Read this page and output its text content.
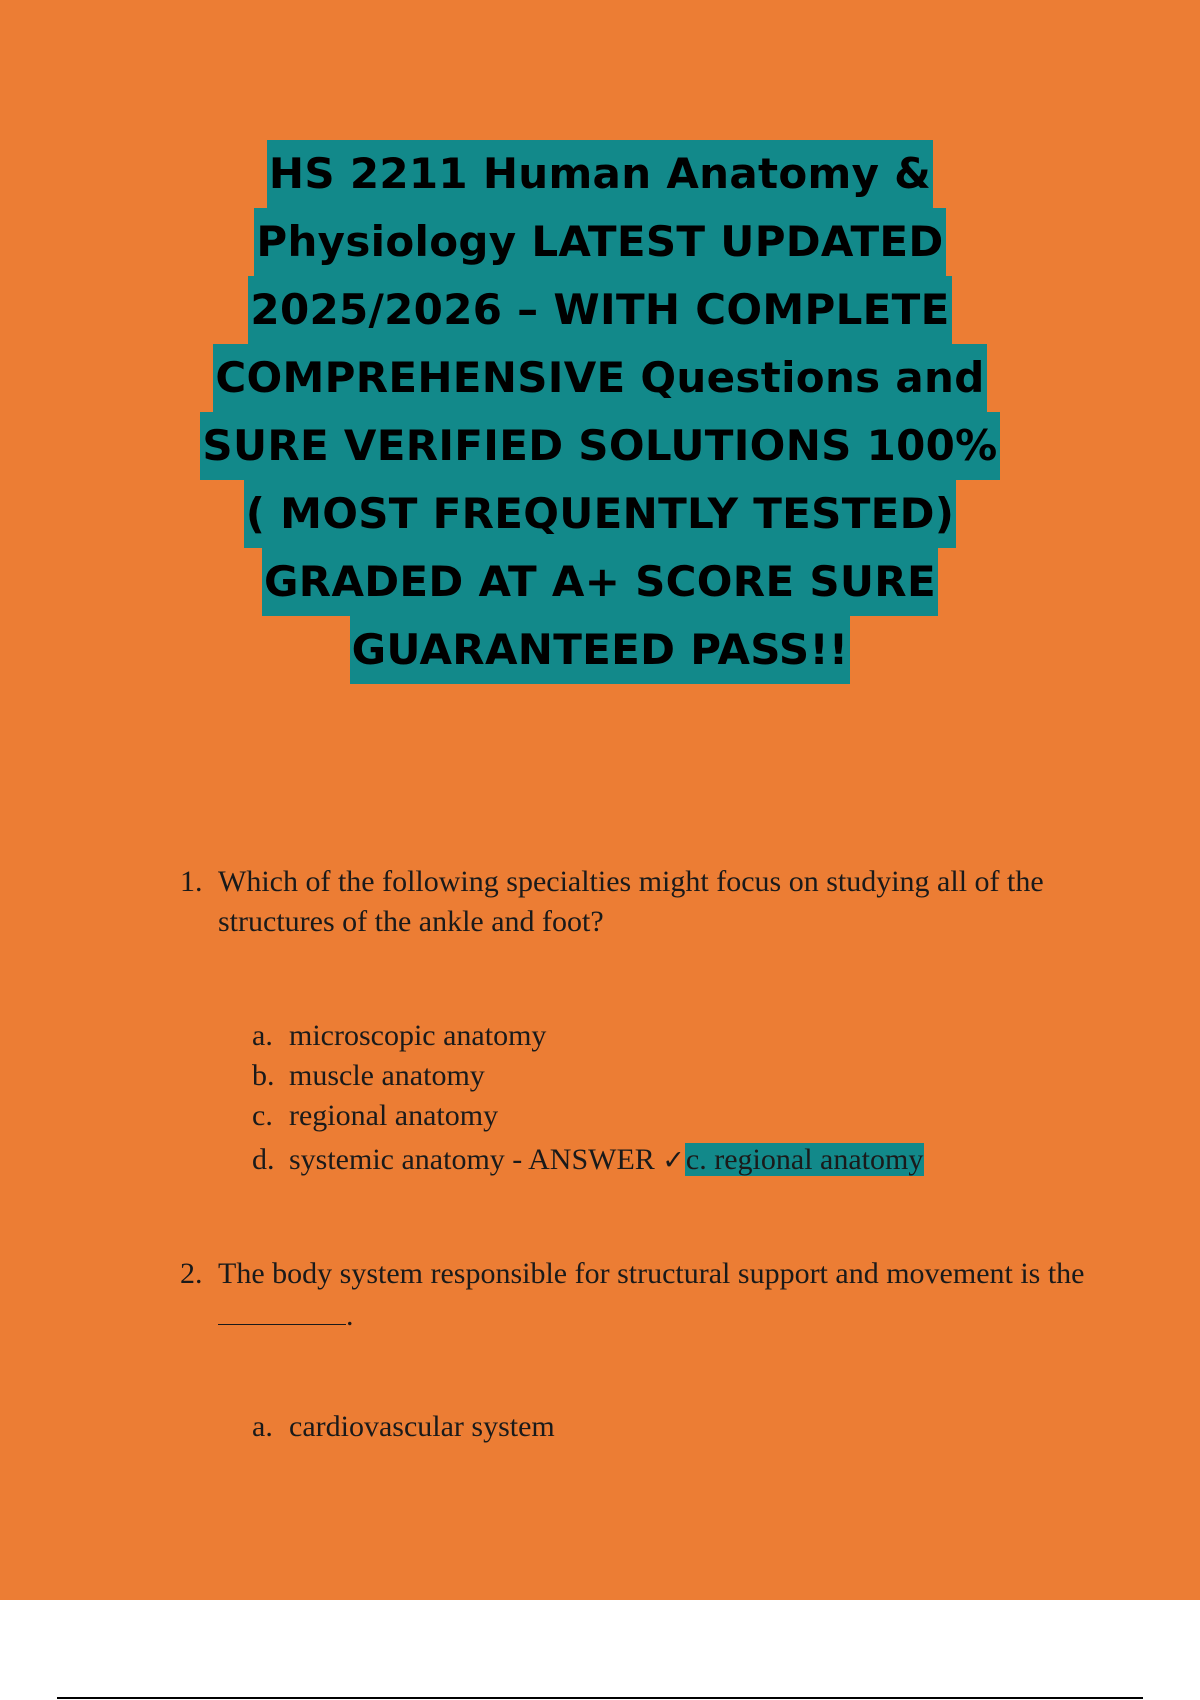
HS 2211 Human Anatomy &
Physiology LATEST UPDATED
2025/2026 – WITH COMPLETE
COMPREHENSIVE Questions and
SURE VERIFIED SOLUTIONS 100%
( MOST FREQUENTLY TESTED)
GRADED AT A+ SCORE SURE
GUARANTEED PASS!!
1. Which of the following specialties might focus on studying all of the structures of the ankle and foot?
a. microscopic anatomy
b. muscle anatomy
c. regional anatomy
d. systemic anatomy - ANSWER ✓c. regional anatomy
2. The body system responsible for structural support and movement is the .
a. cardiovascular system
